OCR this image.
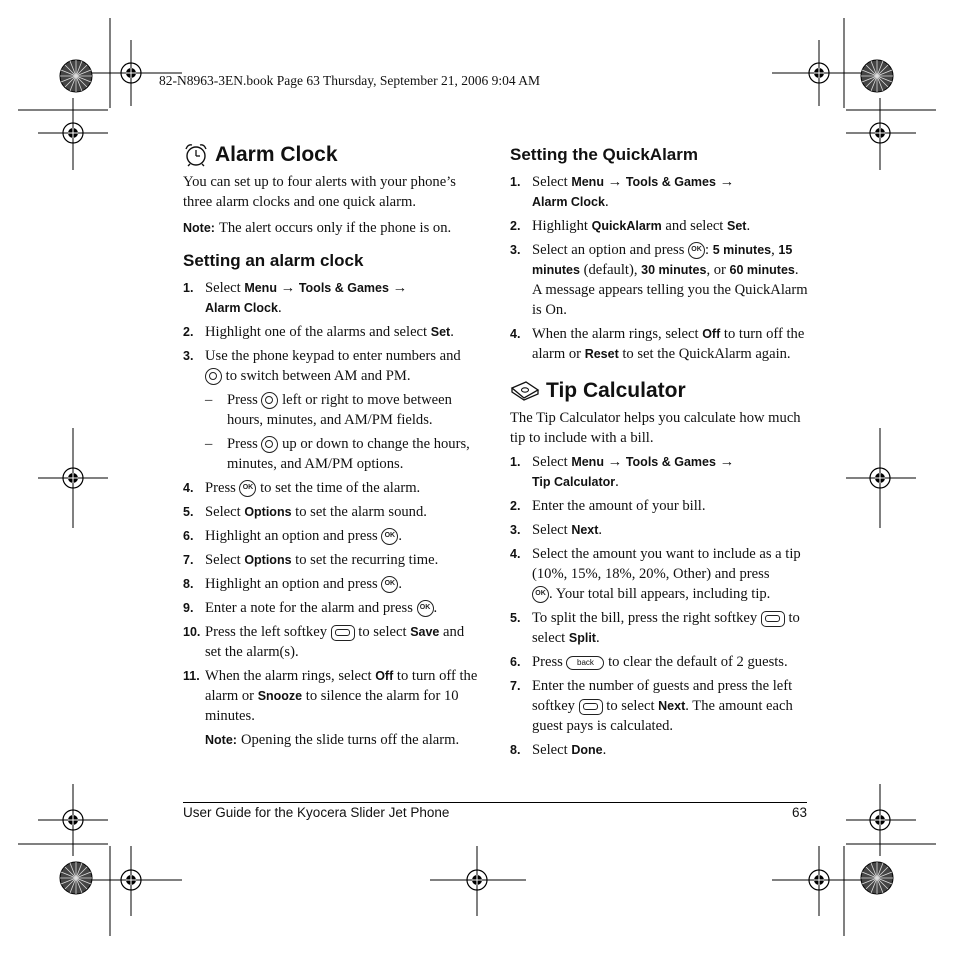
82-N8963-3EN.book Page 63 Thursday, September 21, 2006 9:04 AM
Alarm Clock

You can set up to four alerts with your phone’s three alarm clocks and one quick alarm.

Note: The alert occurs only if the phone is on.

Setting an alarm clock
1. Select Menu → Tools & Games →
Alarm Clock.
2. Highlight one of the alarms and select Set.
3. Use the phone keypad to enter numbers and
to switch between AM and PM.
– Press  left or right to move between hours, minutes, and AM/PM fields.
– Press  up or down to change the hours, minutes, and AM/PM options.
4. Press OK to set the time of the alarm.
5. Select Options to set the alarm sound.
6. Highlight an option and press OK .
7. Select Options to set the recurring time.
8. Highlight an option and press OK .
9. Enter a note for the alarm and press OK .
10. Press the left softkey  to select Save and set the alarm(s).
11. When the alarm rings, select Off to turn off the alarm or Snooze to silence the alarm for 10 minutes.

Note: Opening the slide turns off the alarm.

Setting the QuickAlarm
1. Select Menu → Tools & Games →
Alarm Clock.
2. Highlight QuickAlarm and select Set.
3. Select an option and press OK : 5 minutes, 15 minutes (default), 30 minutes, or 60 minutes. A message appears telling you the QuickAlarm is On.
4. When the alarm rings, select Off to turn off the alarm or Reset to set the QuickAlarm again.
Tip Calculator

The Tip Calculator helps you calculate how much tip to include with a bill.

1. Select Menu → Tools & Games →
Tip Calculator.
2. Enter the amount of your bill.
3. Select Next.
4. Select the amount you want to include as a tip (10%, 15%, 18%, 20%, Other) and press
OK . Your total bill appears, including tip.
5. To split the bill, press the right softkey  to select Split.
6. Press back to clear the default of 2 guests.
7. Enter the number of guests and press the left softkey  to select Next. The amount each guest pays is calculated.
8. Select Done.
User Guide for the Kyocera Slider Jet Phone	63
